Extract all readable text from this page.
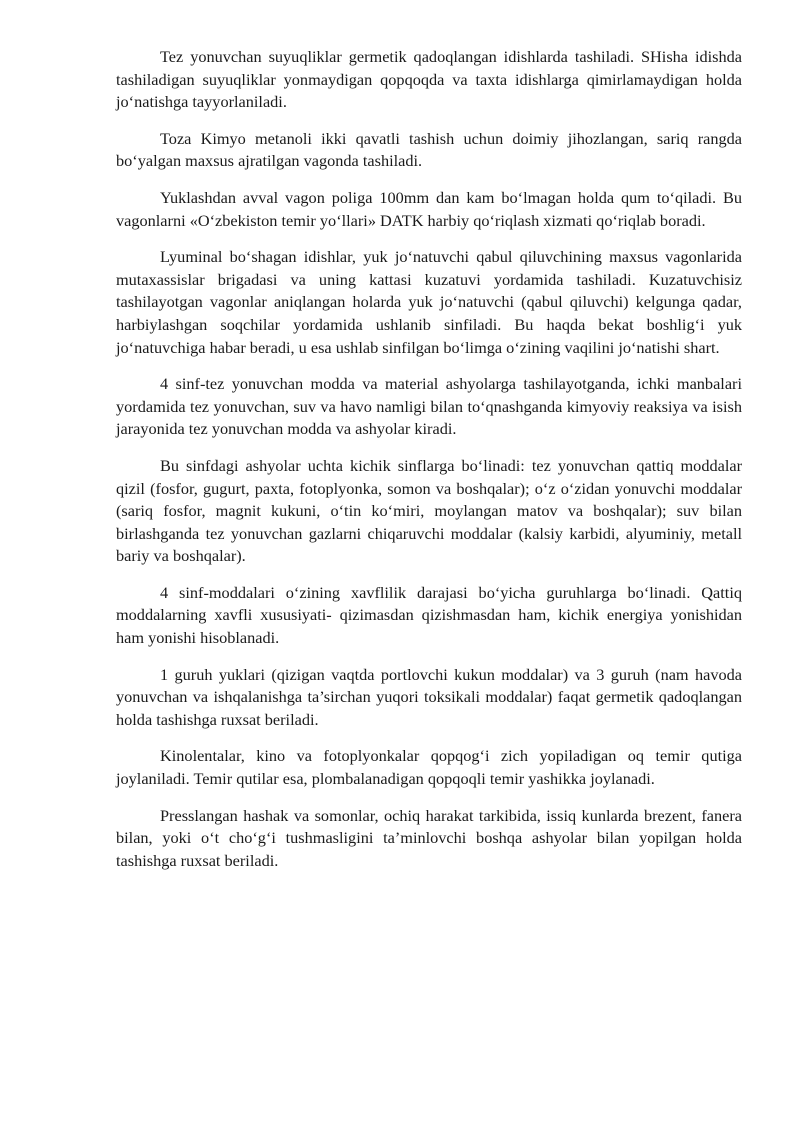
Tez yonuvchan suyuqliklar germetik qadoqlangan idishlarda tashiladi. SHisha idishda tashiladigan suyuqliklar yonmaydigan qopqoqda va taxta idishlarga qimirlamaydigan holda joʻnatishga tayyorlaniladi.

Toza Kimyo metanoli ikki qavatli tashish uchun doimiy jihozlangan, sariq rangda boʻyalgan maxsus ajratilgan vagonda tashiladi.

Yuklashdan avval vagon poliga 100mm dan kam boʻlmagan holda qum toʻqiladi. Bu vagonlarni «Oʻzbekiston temir yoʻllari» DATK harbiy qoʻriqlash xizmati qoʻriqlab boradi.

Lyuminal boʻshagan idishlar, yuk joʻnatuvchi qabul qiluvchining maxsus vagonlarida mutaxassislar brigadasi va uning kattasi kuzatuvi yordamida tashiladi. Kuzatuvchisiz tashilayotgan vagonlar aniqlangan holarda yuk joʻnatuvchi (qabul qiluvchi) kelgunga qadar, harbiylashgan soqchilar yordamida ushlanib sinfiladi. Bu haqda bekat boshligʻi yuk joʻnatuvchiga habar beradi, u esa ushlab sinfilgan boʻlimga oʻzining vaqilini joʻnatishi shart.

4 sinf-tez yonuvchan modda va material ashyolarga tashilayotganda, ichki manbalari yordamida tez yonuvchan, suv va havo namligi bilan toʻqnashganda kimyoviy reaksiya va isish jarayonida tez yonuvchan modda va ashyolar kiradi.

Bu sinfdagi ashyolar uchta kichik sinflarga boʻlinadi: tez yonuvchan qattiq moddalar qizil (fosfor, gugurt, paxta, fotoplyonka, somon va boshqalar); oʻz oʻzidan yonuvchi moddalar (sariq fosfor, magnit kukuni, oʻtin koʻmiri, moylangan matov va boshqalar); suv bilan birlashganda tez yonuvchan gazlarni chiqaruvchi moddalar (kalsiy karbidi, alyuminiy, metall bariy va boshqalar).

4 sinf-moddalari oʻzining xavflilik darajasi boʻyicha guruhlarga boʻlinadi. Qattiq moddalarning xavfli xususiyati- qizimasdan qizishmasdan ham, kichik energiya yonishidan ham yonishi hisoblanadi.

1 guruh yuklari (qizigan vaqtda portlovchi kukun moddalar) va 3 guruh (nam havoda yonuvchan va ishqalanishga ta’sirchan yuqori toksikali moddalar) faqat germetik qadoqlangan holda tashishga ruxsat beriladi.

Kinolentalar, kino va fotoplyonkalar qopqogʻi zich yopiladigan oq temir qutiga joylaniladi. Temir qutilar esa, plombalanadigan qopqoqli temir yashikka joylanadi.

Presslangan hashak va somonlar, ochiq harakat tarkibida, issiq kunlarda brezent, fanera bilan, yoki oʻt choʻgʻi tushmasligini ta’minlovchi boshqa ashyolar bilan yopilgan holda tashishga ruxsat beriladi.
